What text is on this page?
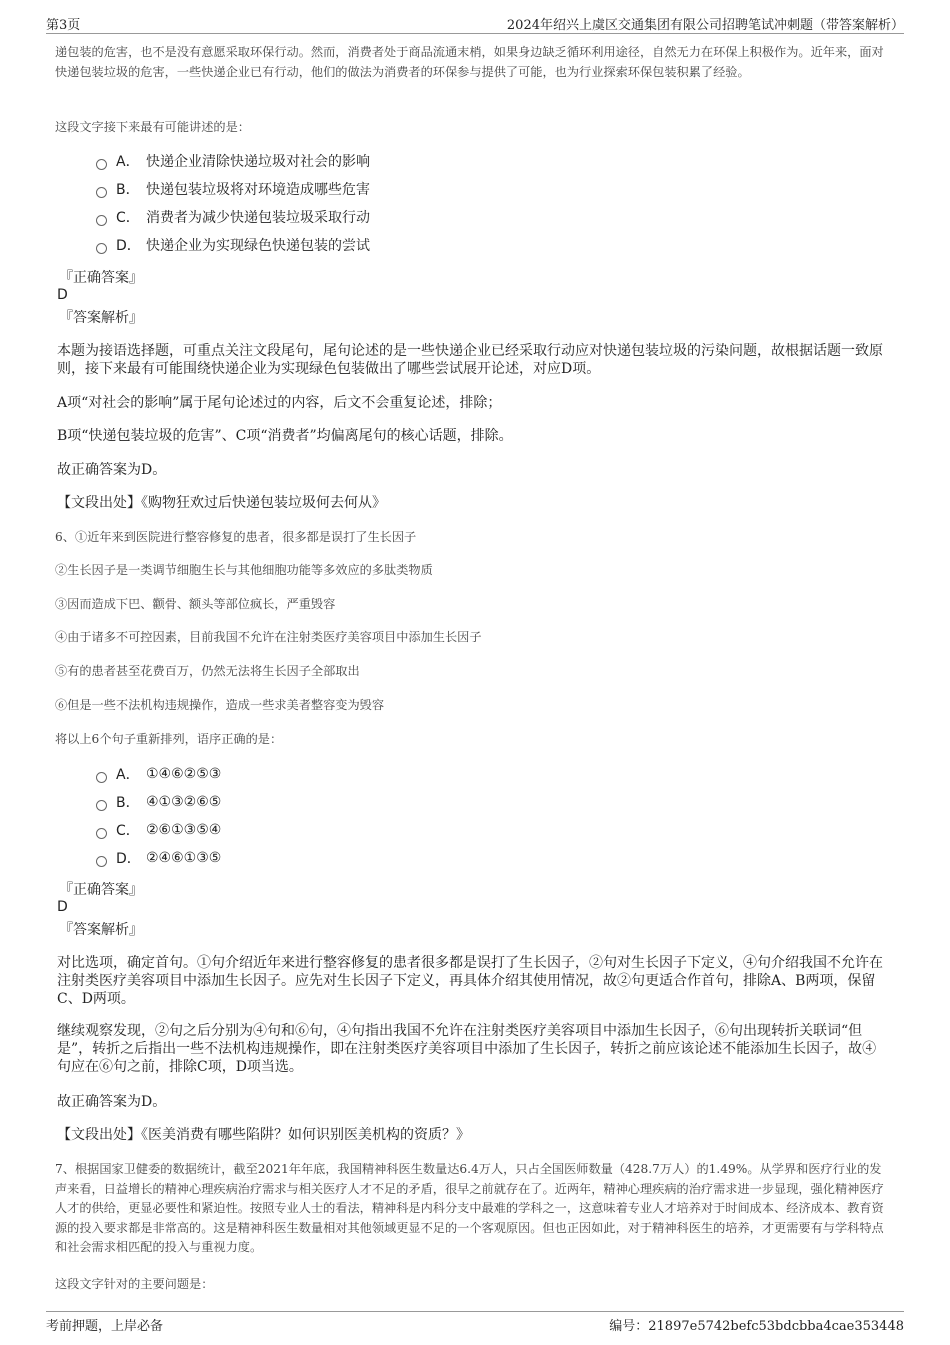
第3页	2024年绍兴上虞区交通集团有限公司招聘笔试冲刺题（带答案解析）
递包装的危害，也不是没有意愿采取环保行动。然而，消费者处于商品流通末梢，如果身边缺乏循环利用途径，自然无力在环保上积极作为。近年来，面对快递包装垃圾的危害，一些快递企业已有行动，他们的做法为消费者的环保参与提供了可能，也为行业探索环保包装积累了经验。
这段文字接下来最有可能讲述的是：
A． 快递企业清除快递垃圾对社会的影响
B． 快递包装垃圾将对环境造成哪些危害
C． 消费者为减少快递包装垃圾采取行动
D． 快递企业为实现绿色快递包装的尝试
『正确答案』
D
『答案解析』
本题为接语选择题，可重点关注文段尾句，尾句论述的是一些快递企业已经采取行动应对快递包装垃圾的污染问题，故根据话题一致原则，接下来最有可能围绕快递企业为实现绿色包装做出了哪些尝试展开论述，对应D项。
A项“对社会的影响”属于尾句论述过的内容，后文不会重复论述，排除；
B项“快递包装垃圾的危害”、C项“消费者”均偏离尾句的核心话题，排除。
故正确答案为D。
【文段出处】《购物狂欢过后快递包装垃圾何去何从》
6、①近年来到医院进行整容修复的患者，很多都是误打了生长因子
②生长因子是一类调节细胞生长与其他细胞功能等多效应的多肽类物质
③因而造成下巴、颧骨、额头等部位疯长，严重毁容
④由于诸多不可控因素，目前我国不允许在注射类医疗美容项目中添加生长因子
⑤有的患者甚至花费百万，仍然无法将生长因子全部取出
⑥但是一些不法机构违规操作，造成一些求美者整容变为毁容
将以上6个句子重新排列，语序正确的是：
A． ①④⑥②⑤③
B． ④①③②⑥⑤
C． ②⑥①③⑤④
D． ②④⑥①③⑤
『正确答案』
D
『答案解析』
对比选项，确定首句。①句介绍近年来进行整容修复的患者很多都是误打了生长因子，②句对生长因子下定义，④句介绍我国不允许在注射类医疗美容项目中添加生长因子。应先对生长因子下定义，再具体介绍其使用情况，故②句更适合作首句，排除A、B两项，保留C、D两项。
继续观察发现，②句之后分别为④句和⑥句，④句指出我国不允许在注射类医疗美容项目中添加生长因子，⑥句出现转折关联词“但是”，转折之后指出一些不法机构违规操作，即在注射类医疗美容项目中添加了生长因子，转折之前应该论述不能添加生长因子，故④句应在⑥句之前，排除C项，D项当选。
故正确答案为D。
【文段出处】《医美消费有哪些陷阱？如何识别医美机构的资质？》
7、根据国家卫健委的数据统计，截至2021年年底，我国精神科医生数量达6.4万人，只占全国医师数量（428.7万人）的1.49%。从学界和医疗行业的发声来看，日益增长的精神心理疾病治疗需求与相关医疗人才不足的矛盾，很早之前就存在了。近两年，精神心理疾病的治疗需求进一步显现，强化精神医疗人才的供给，更显必要性和紧迫性。按照专业人士的看法，精神科是内科分支中最难的学科之一，这意味着专业人才培养对于时间成本、经济成本、教育资源的投入要求都是非常高的。这是精神科医生数量相对其他领域更显不足的一个客观原因。但也正因如此，对于精神科医生的培养，才更需要有与学科特点和社会需求相匹配的投入与重视力度。
这段文字针对的主要问题是：
考前押题，上岸必备	编号：21897e5742befc53bdcbba4cae353448
